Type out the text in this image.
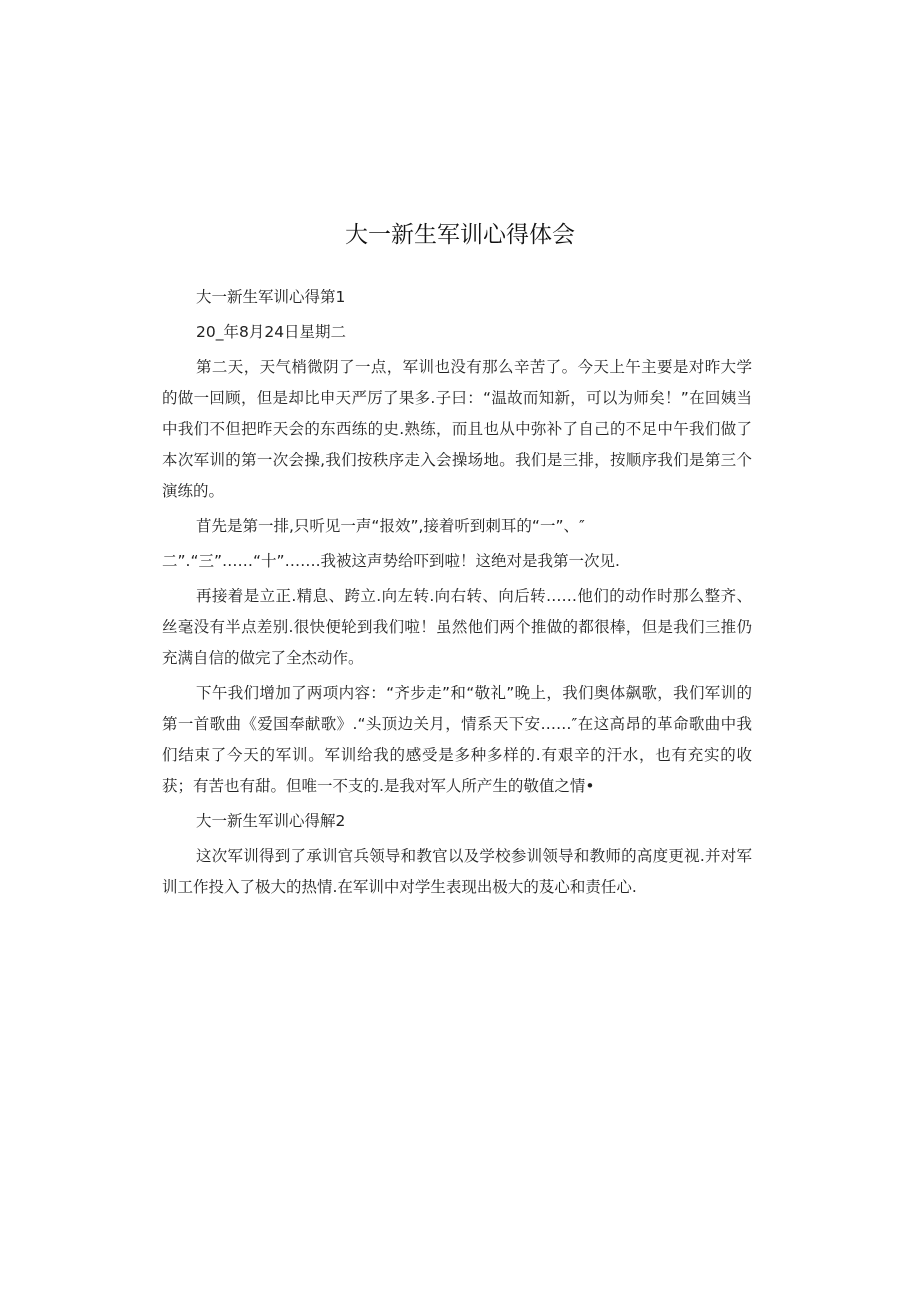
大一新生军训心得体会

大一新生军训心得第1

20_年8月24日星期二

第二天，天气梢微阴了一点，军训也没有那么辛苦了。今天上午主要是对昨大学的做一回顾，但是却比申天严厉了果多.子曰：“温故而知新，可以为师矣！”在回姨当中我们不但把昨天会的东西练的史.熟练，而且也从中弥补了自己的不足中午我们做了本次军训的第一次会操,我们按秩序走入会操场地。我们是三排，按顺序我们是第三个演练的。

苜先是第一排,只听见一声“报效”,接着听到刺耳的“一”、″

二”.“三”……“十”…….我被这声势给吓到啦！这绝对是我第一次见.

再接着是立正.精息、跨立.向左转.向右转、向后转……他们的动作时那么整齐、丝毫没有半点差别.很快便轮到我们啦！虽然他们两个推做的都很棒，但是我们三推仍充满自信的做完了全杰动作。

下午我们增加了两项内容：“齐步走”和“敬礼”晚上，我们奥体飙歌，我们军训的第一首歌曲《爱国奉献歌》.“头顶边关月，情系天下安……″在这高昂的革命歌曲中我们结束了今天的军训。军训给我的感受是多种多样的.有艰辛的汗水，也有充实的收获；有苦也有甜。但唯一不支的.是我对军人所产生的敬值之情•

大一新生军训心得解2

这次军训得到了承训官兵领导和教官以及学校参训领导和教师的高度更视.并对军训工作投入了极大的热情.在军训中对学生表现出极大的芨心和责任心.
